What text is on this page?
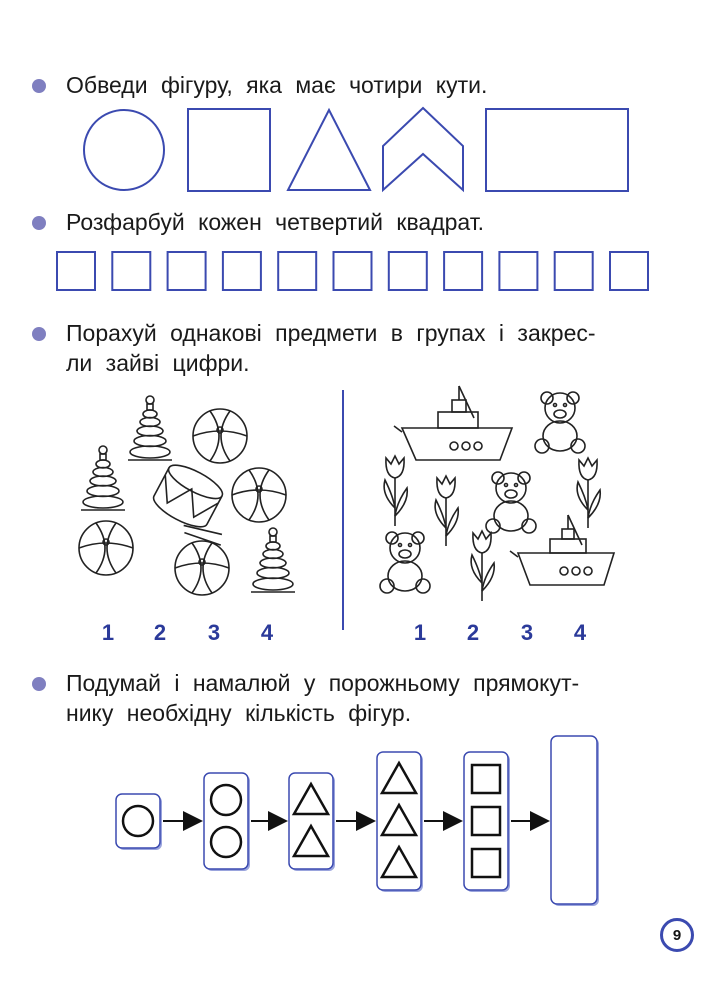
Обведи фігуру, яка має чотири кути.
Розфарбуй кожен четвертий квадрат.
Порахуй однакові предмети в групах і закрес-
ли зайві цифри.
1 2 3 4	1 2 3 4
Подумай і намалюй у порожньому прямокут-
нику необхідну кількість фігур.
9
